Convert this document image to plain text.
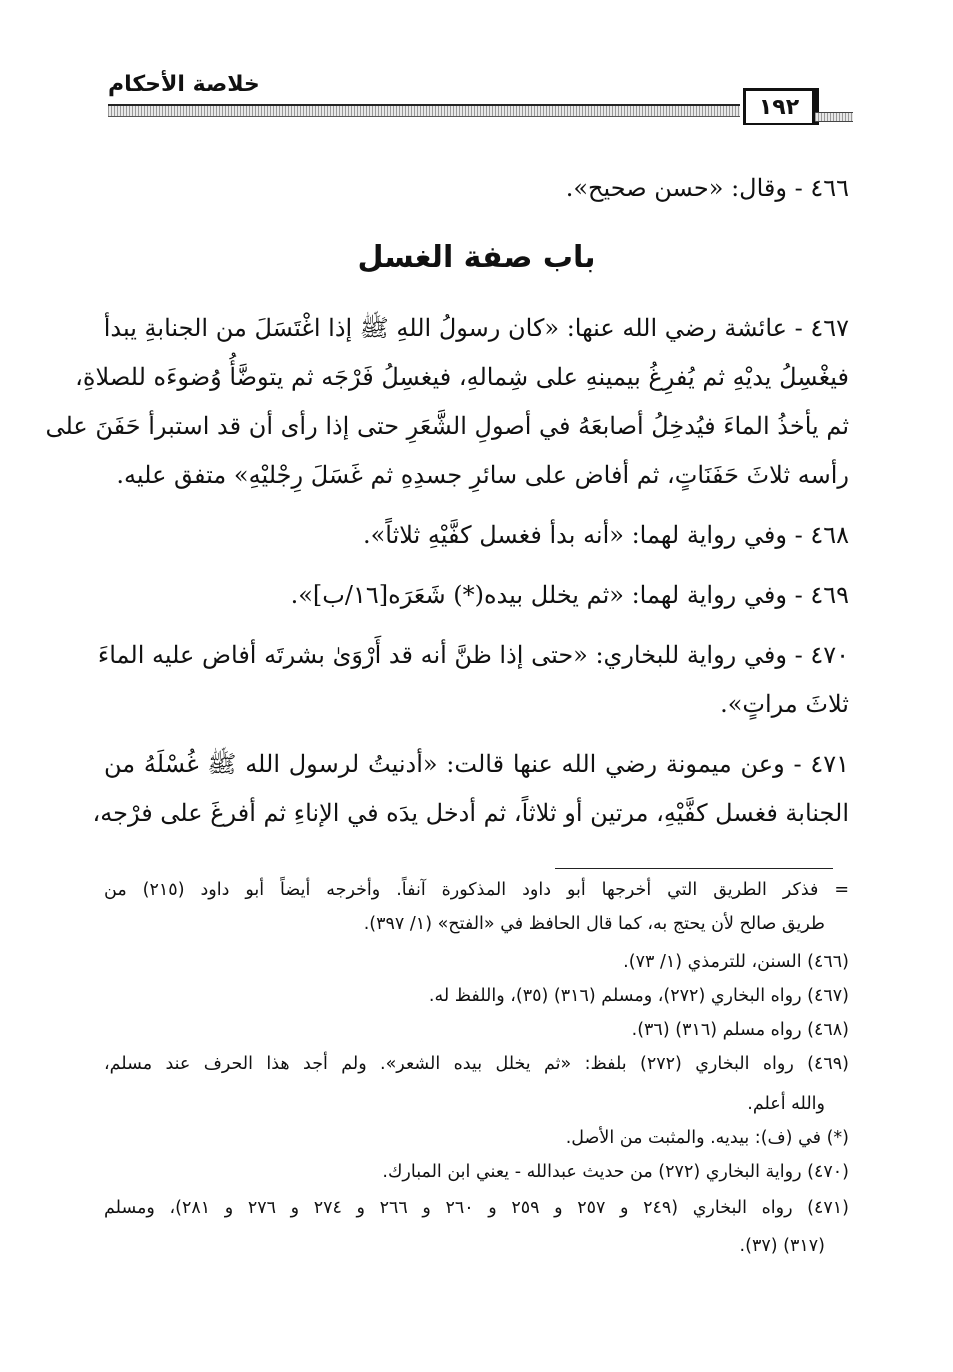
خلاصة الأحكام
١٩٢
٤٦٦ - وقال: «حسن صحيح».
باب صفة الغسل
٤٦٧ - عائشة رضي الله عنها: «كان رسولُ اللهِ ﷺ إذا اغْتَسَلَ من الجنابةِ يبدأ
فيغْسِلُ يديْهِ ثم يُفرِغُ بيمينهِ على شِمالهِ، فيغسِلُ فَرْجَه ثم يتوضَّأُ وُضوءَه للصلاةِ،
ثم يأخذُ الماءَ فيُدخِلُ أصابعَهُ في أصولِ الشَّعَرِ حتى إذا رأى أن قد استبرأ حَفَنَ على
رأسه ثلاثَ حَفَنَاتٍ، ثم أفاض على سائرِ جسدِهِ ثم غَسَلَ رِجْليْهِ» متفق عليه.
٤٦٨ - وفي رواية لهما: «أنه بدأ فغسل كفَّيْهِ ثلاثاً».
٤٦٩ - وفي رواية لهما: «ثم يخلل بيده(*) شَعَرَه[١٦/ب]».
٤٧٠ - وفي رواية للبخاري: «حتى إذا ظنَّ أنه قد أَرْوَىٰ بشرتَه أفاض عليه الماءَ
ثلاثَ مراتٍ».
٤٧١ - وعن ميمونة رضي الله عنها قالت: «أدنيتُ لرسول الله ﷺ غُسْلَهُ من
الجنابة فغسل كفَّيْهِ، مرتين أو ثلاثاً، ثم أدخل يدَه في الإناءِ ثم أفرغَ على فرْجه،
= فذكر الطريق التي أخرجها أبو داود المذكورة آنفاً. وأخرجه أيضاً أبو داود (٢١٥) من
طريق صالح لأن يحتج به، كما قال الحافظ في «الفتح» (١/ ٣٩٧).
(٤٦٦) السنن، للترمذي (١/ ٧٣).
(٤٦٧) رواه البخاري (٢٧٢)، ومسلم (٣١٦) (٣٥)، واللفظ له.
(٤٦٨) رواه مسلم (٣١٦) (٣٦).
(٤٦٩) رواه البخاري (٢٧٢) بلفظ: «ثم يخلل بيده الشعر». ولم أجد هذا الحرف عند مسلم،
والله أعلم.
(*) في (ف): بيديه. والمثبت من الأصل.
(٤٧٠) رواية البخاري (٢٧٢) من حديث عبدالله - يعني ابن المبارك.
(٤٧١) رواه البخاري (٢٤٩ و ٢٥٧ و ٢٥٩ و ٢٦٠ و ٢٦٦ و ٢٧٤ و ٢٧٦ و ٢٨١)، ومسلم
(٣١٧) (٣٧).
